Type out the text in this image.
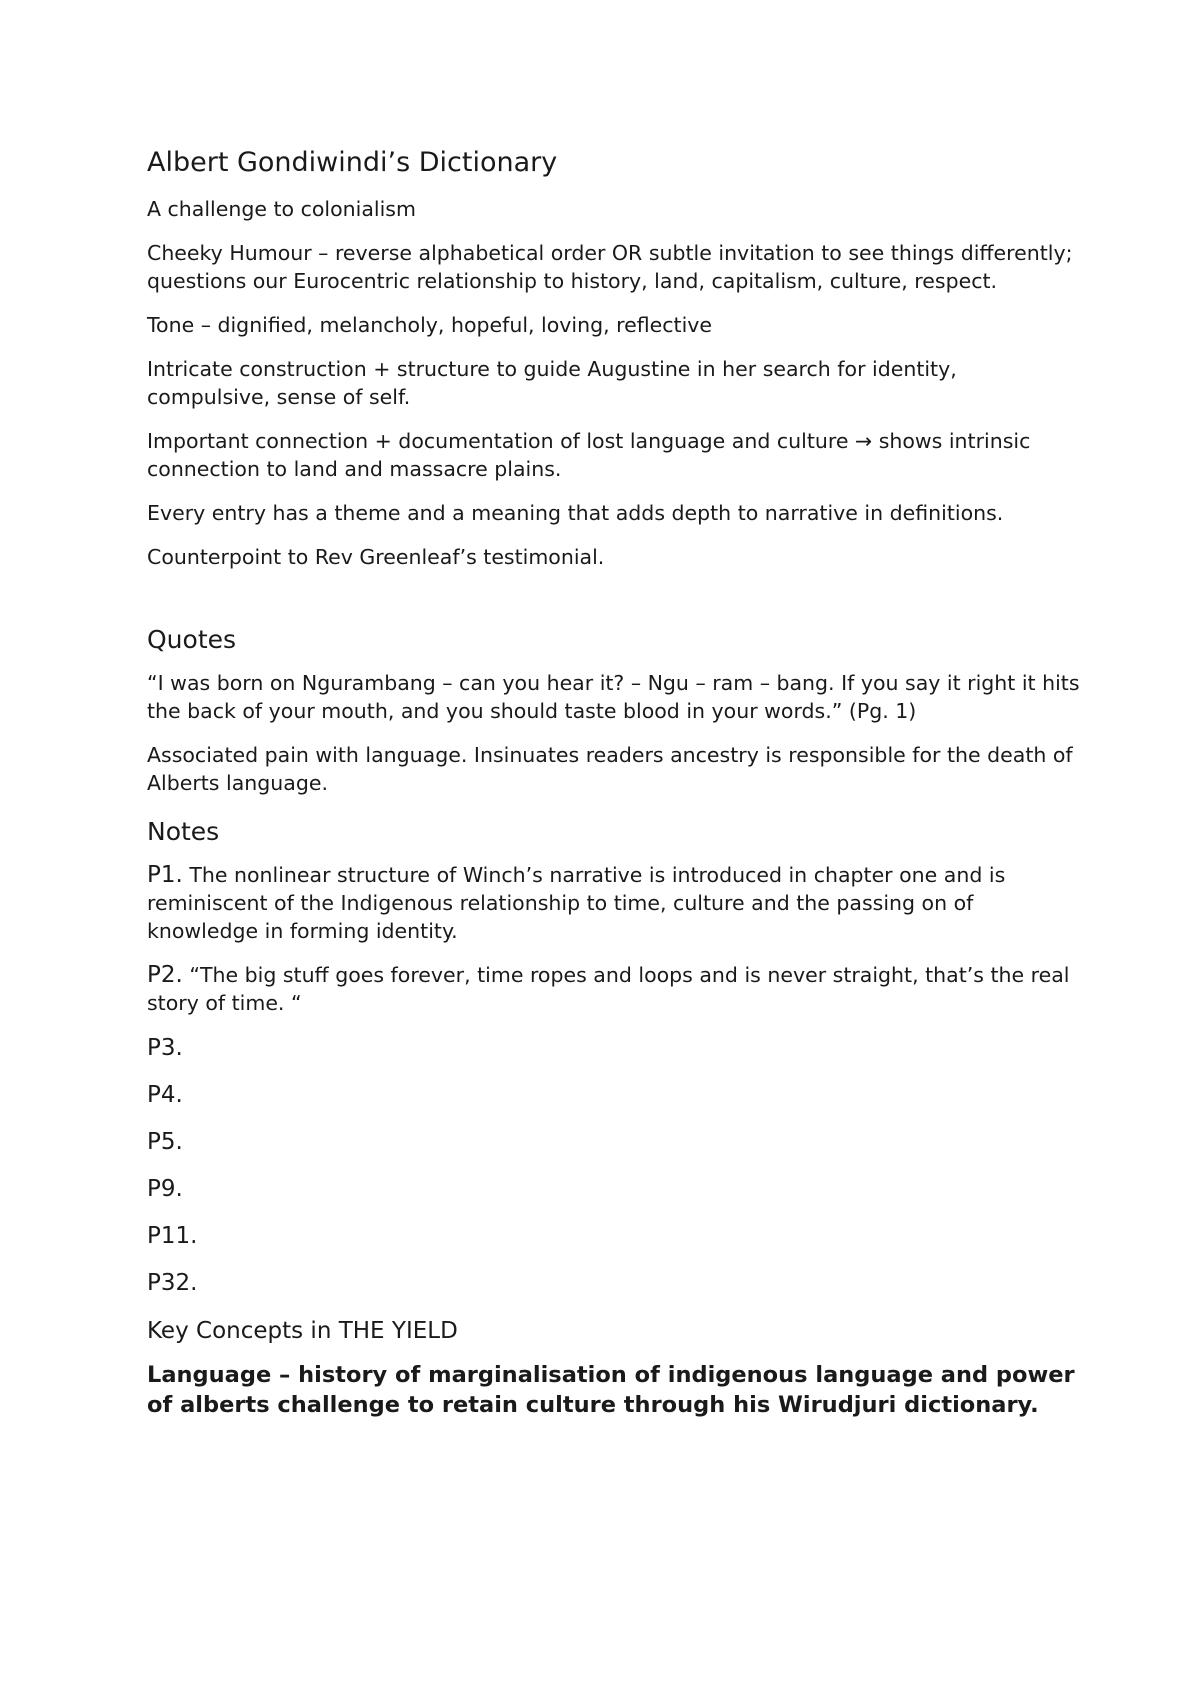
Albert Gondiwindi’s Dictionary

A challenge to colonialism

Cheeky Humour – reverse alphabetical order OR subtle invitation to see things differently; questions our Eurocentric relationship to history, land, capitalism, culture, respect.

Tone – dignified, melancholy, hopeful, loving, reflective

Intricate construction + structure to guide Augustine in her search for identity, compulsive, sense of self.

Important connection + documentation of lost language and culture → shows intrinsic connection to land and massacre plains.

Every entry has a theme and a meaning that adds depth to narrative in definitions.

Counterpoint to Rev Greenleaf’s testimonial.

Quotes

“I was born on Ngurambang – can you hear it? – Ngu – ram – bang. If you say it right it hits the back of your mouth, and you should taste blood in your words.” (Pg. 1)

Associated pain with language. Insinuates readers ancestry is responsible for the death of Alberts language.

Notes

P1. The nonlinear structure of Winch’s narrative is introduced in chapter one and is reminiscent of the Indigenous relationship to time, culture and the passing on of knowledge in forming identity.

P2. “The big stuff goes forever, time ropes and loops and is never straight, that’s the real story of time. “

P3.
P4.
P5.
P9.
P11.
P32.
Key Concepts in THE YIELD

Language – history of marginalisation of indigenous language and power of alberts challenge to retain culture through his Wirudjuri dictionary.
